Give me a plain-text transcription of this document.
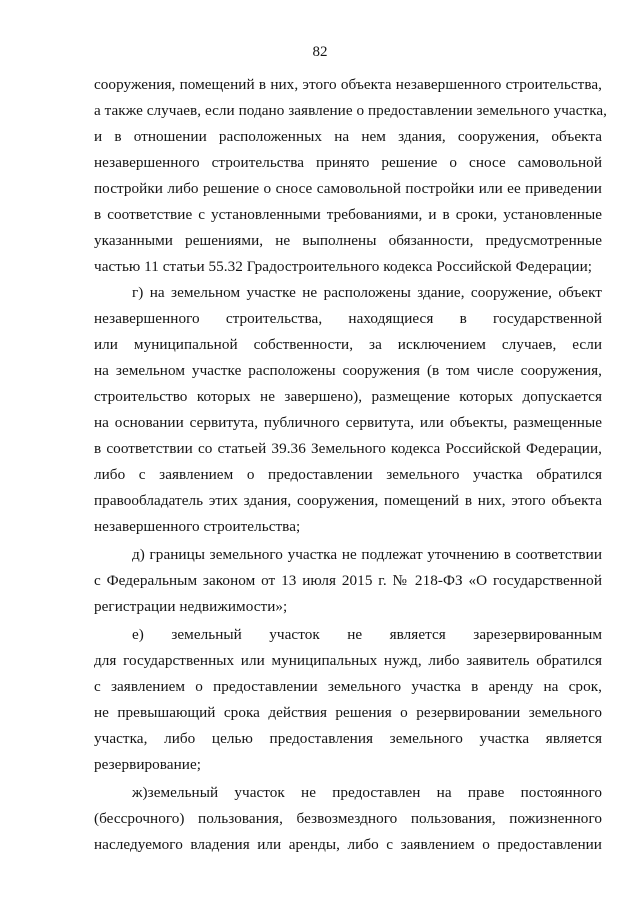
82
сооружения, помещений в них, этого объекта незавершенного строительства,
а также случаев, если подано заявление о предоставлении земельного участка,
и в отношении расположенных на нем здания, сооружения, объекта
незавершенного строительства принято решение о сносе самовольной
постройки либо решение о сносе самовольной постройки или ее приведении
в соответствие с установленными требованиями, и в сроки, установленные
указанными решениями, не выполнены обязанности, предусмотренные
частью 11 статьи 55.32 Градостроительного кодекса Российской Федерации;
г) на земельном участке не расположены здание, сооружение, объект
незавершенного строительства, находящиеся в государственной
или муниципальной собственности, за исключением случаев, если
на земельном участке расположены сооружения (в том числе сооружения,
строительство которых не завершено), размещение которых допускается
на основании сервитута, публичного сервитута, или объекты, размещенные
в соответствии со статьей 39.36 Земельного кодекса Российской Федерации,
либо с заявлением о предоставлении земельного участка обратился
правообладатель этих здания, сооружения, помещений в них, этого объекта
незавершенного строительства;
д) границы земельного участка не подлежат уточнению в соответствии
с Федеральным законом от 13 июля 2015 г. № 218-ФЗ «О государственной
регистрации недвижимости»;
е) земельный участок не является зарезервированным
для государственных или муниципальных нужд, либо заявитель обратился
с заявлением о предоставлении земельного участка в аренду на срок,
не превышающий срока действия решения о резервировании земельного
участка, либо целью предоставления земельного участка является
резервирование;
ж)земельный участок не предоставлен на праве постоянного
(бессрочного) пользования, безвозмездного пользования, пожизненного
наследуемого владения или аренды, либо с заявлением о предоставлении
